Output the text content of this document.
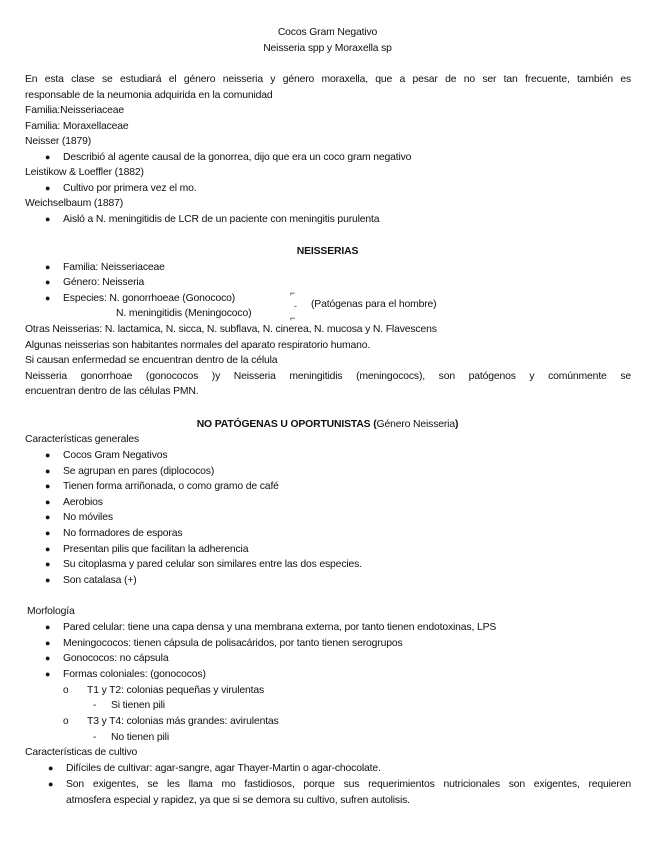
Cocos Gram Negativo
Neisseria spp y Moraxella sp
En esta clase se estudiará el género neisseria y género moraxella, que a pesar de no ser tan frecuente, también es
responsable de la neumonia adquirida en la comunidad
Familia:Neisseriaceae
Familia: Moraxellaceae
Neisser (1879)
● Describió al agente causal de la gonorrea, dijo que era un coco gram negativo
Leistikow & Loeffler (1882)
● Cultivo por primera vez el mo.
Weichselbaum (1887)
● Aisló a N. meningitidis de LCR de un paciente con meningitis purulenta
NEISSERIAS
● Familia: Neisseriaceae
● Género: Neisseria
● Especies: N. gonorrhoeae (Gonococo)
N. meningitidis (Meningococo)
⌐
-
⌐
(Patógenas para el hombre)
Otras Neisserias: N. lactamica, N. sicca, N. subflava, N. cinerea, N. mucosa y N. Flavescens
Algunas neisserias son habitantes normales del aparato respiratorio humano.
Si causan enfermedad se encuentran dentro de la célula
Neisseria gonorrhoae (gonococos )y Neisseria meningitidis (meningococs), son patógenos y comúnmente se
encuentran dentro de las células PMN.
NO PATÓGENAS U OPORTUNISTAS (Género Neisseria)
Características generales
● Cocos Gram Negativos
● Se agrupan en pares (diplococos)
● Tienen forma arriñonada, o como gramo de café
● Aerobios
● No móviles
● No formadores de esporas
● Presentan pilis que facilitan la adherencia
● Su citoplasma y pared celular son similares entre las dos especies.
● Son catalasa (+)
Morfología
● Pared celular: tiene una capa densa y una membrana externa, por tanto tienen endotoxinas, LPS
● Meningococos: tienen cápsula de polisacáridos, por tanto tienen serogrupos
● Gonococos: no cápsula
● Formas coloniales: (gonococos)
o T1 y T2: colonias pequeñas y virulentas
- Si tienen pili
o T3 y T4: colonias más grandes: avirulentas
- No tienen pili
Características de cultivo
● Difíciles de cultivar: agar-sangre, agar Thayer-Martin o agar-chocolate.
● Son exigentes, se les llama mo fastidiosos, porque sus requerimientos nutricionales son exigentes, requieren
atmosfera especial y rapidez, ya que si se demora su cultivo, sufren autolisis.
